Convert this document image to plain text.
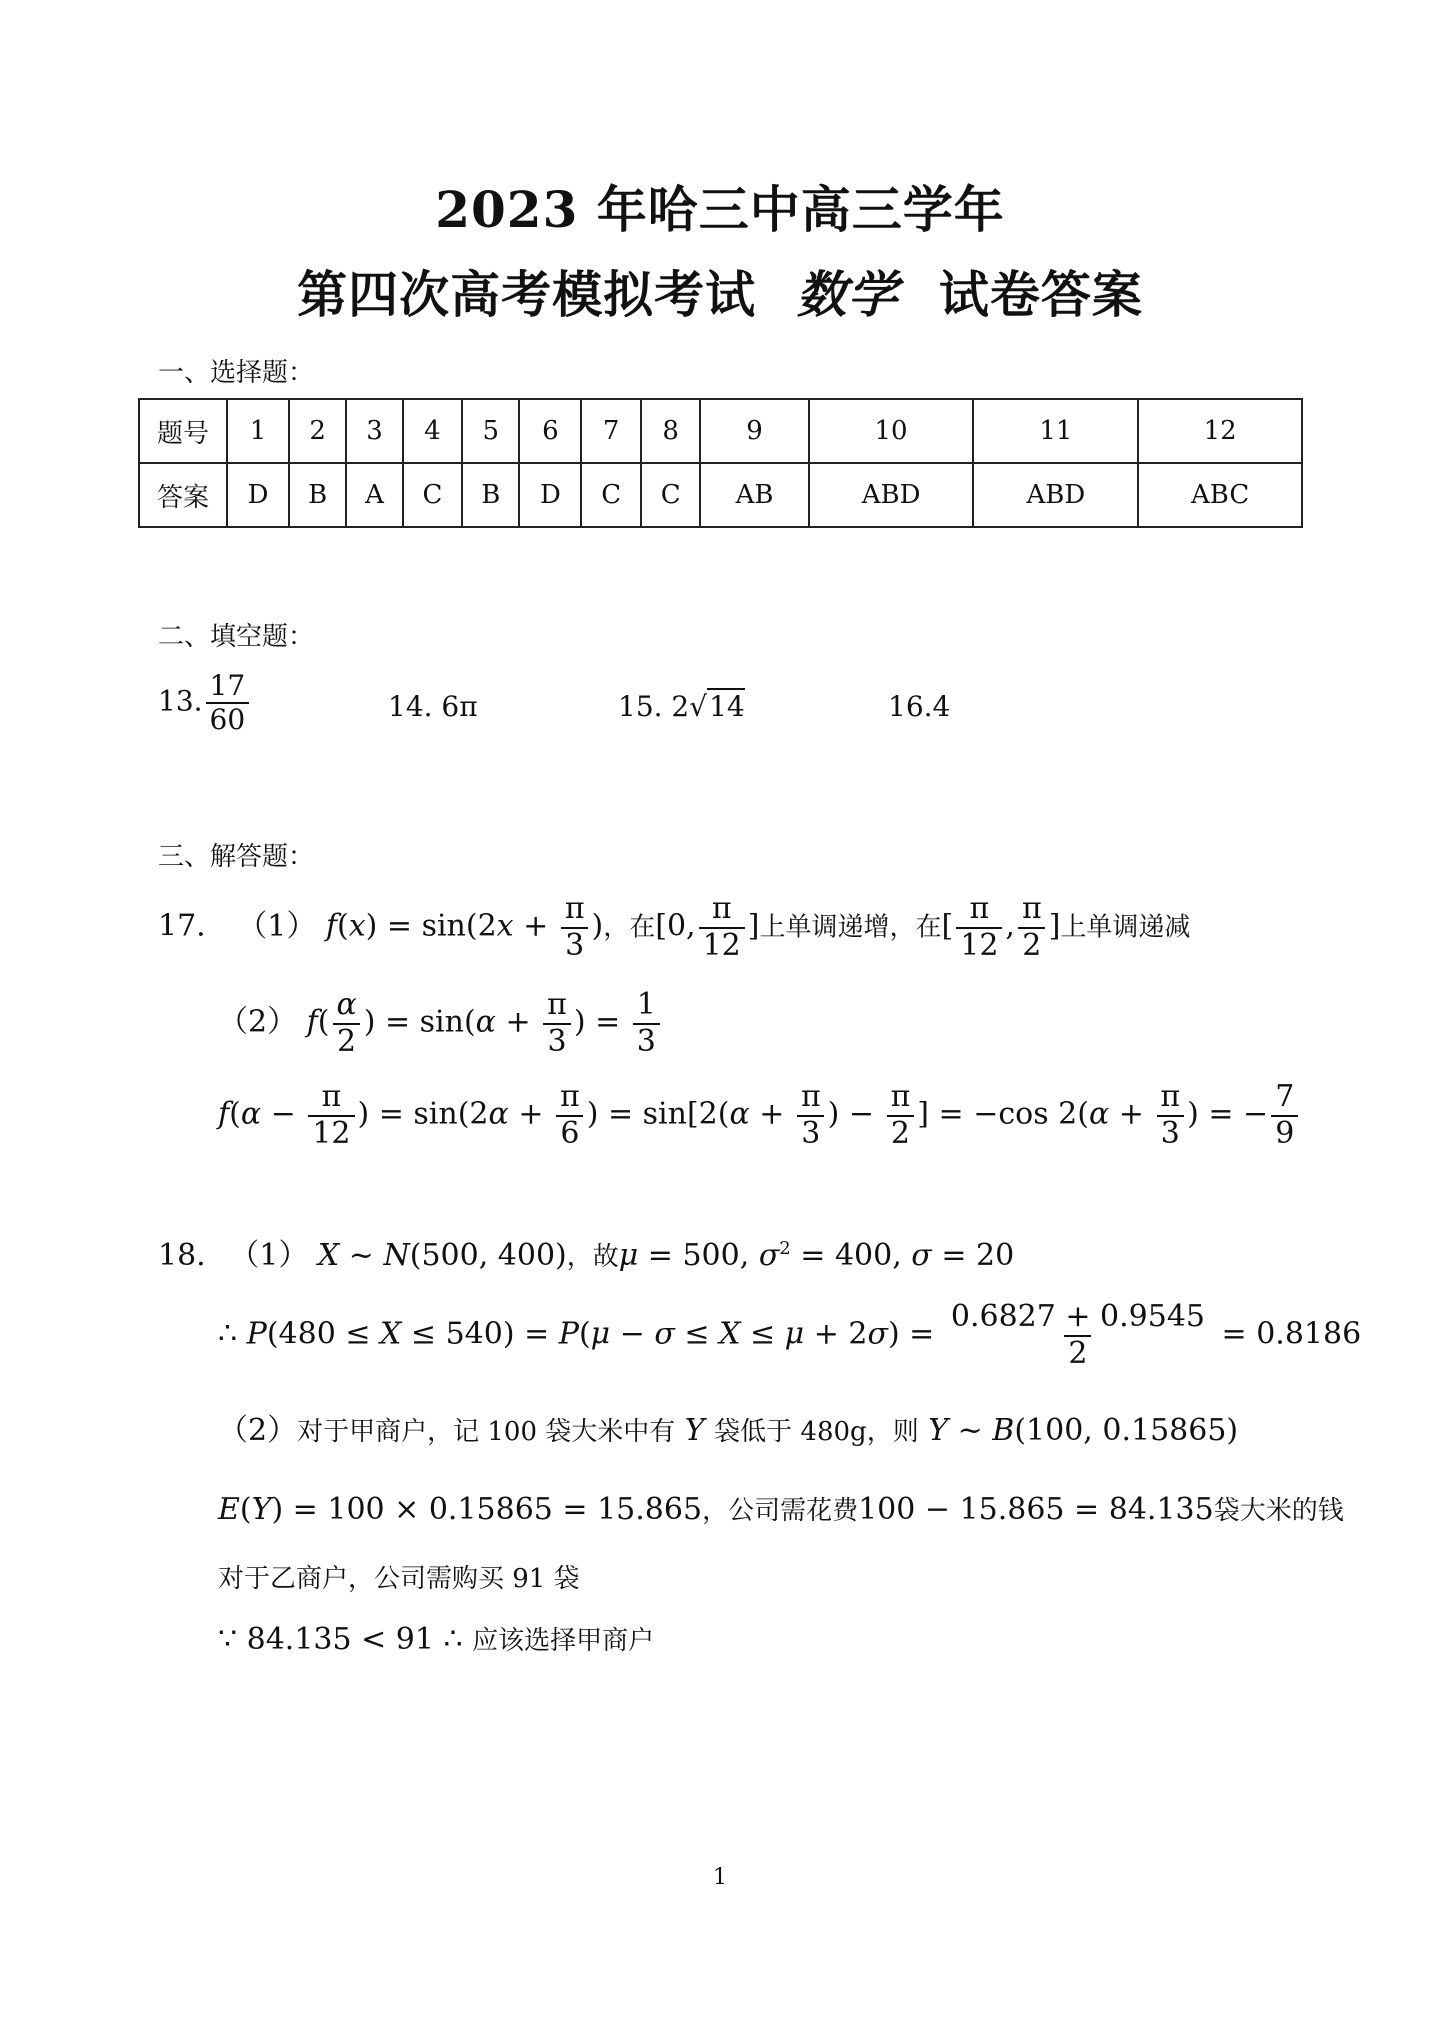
2023 年哈三中高三学年
第四次高考模拟考试 数学 试卷答案
一、选择题：
题号	1	2	3	4	5	6	7	8	9	10	11	12
答案	D	B	A	C	B	D	C	C	AB	ABD	ABD	ABC
二、填空题：
13. $\frac{17}{60}$	14. 6π	15. 2√14	16.4
三、解答题：
17. （1） $f(x) = \sin(2x + \frac{\pi}{3}$ )，在[0, $\frac{\pi}{12}$ ]上单调递增，在[ $\frac{\pi}{12}$ , $\frac{\pi}{2}$ ]上单调递减
（2） $f( \frac{\alpha}{2}$ ) = $\sin(\alpha + \frac{\pi}{3}$ ) = $\frac{1}{3}$
$f(\alpha - \frac{\pi}{12}$ ) = $\sin(2\alpha + \frac{\pi}{6}$ ) = $\sin[2(\alpha + \frac{\pi}{3}$ ) − $\frac{\pi}{2}$ ] = −cos $2(\alpha + \frac{\pi}{3}$ ) = − $\frac{7}{9}$
18. （1） X ~ N(500, 400)，故μ = 500, $\sigma^2 = 400$, σ = 20
∴ $P(480 \le X \le 540) = P(\mu - \sigma \le X \le \mu + 2\sigma) = \frac{0.6827 + 0.9545}{2} = 0.8186$
（2）对于甲商户，记 100 袋大米中有 Y 袋低于 480g，则 Y ~ B(100, 0.15865)
E(Y) = 100 × 0.15865 = 15.865，公司需花费100 − 15.865 = 84.135袋大米的钱
对于乙商户，公司需购买 91 袋
∵ 84.135 < 91 ∴ 应该选择甲商户
1
